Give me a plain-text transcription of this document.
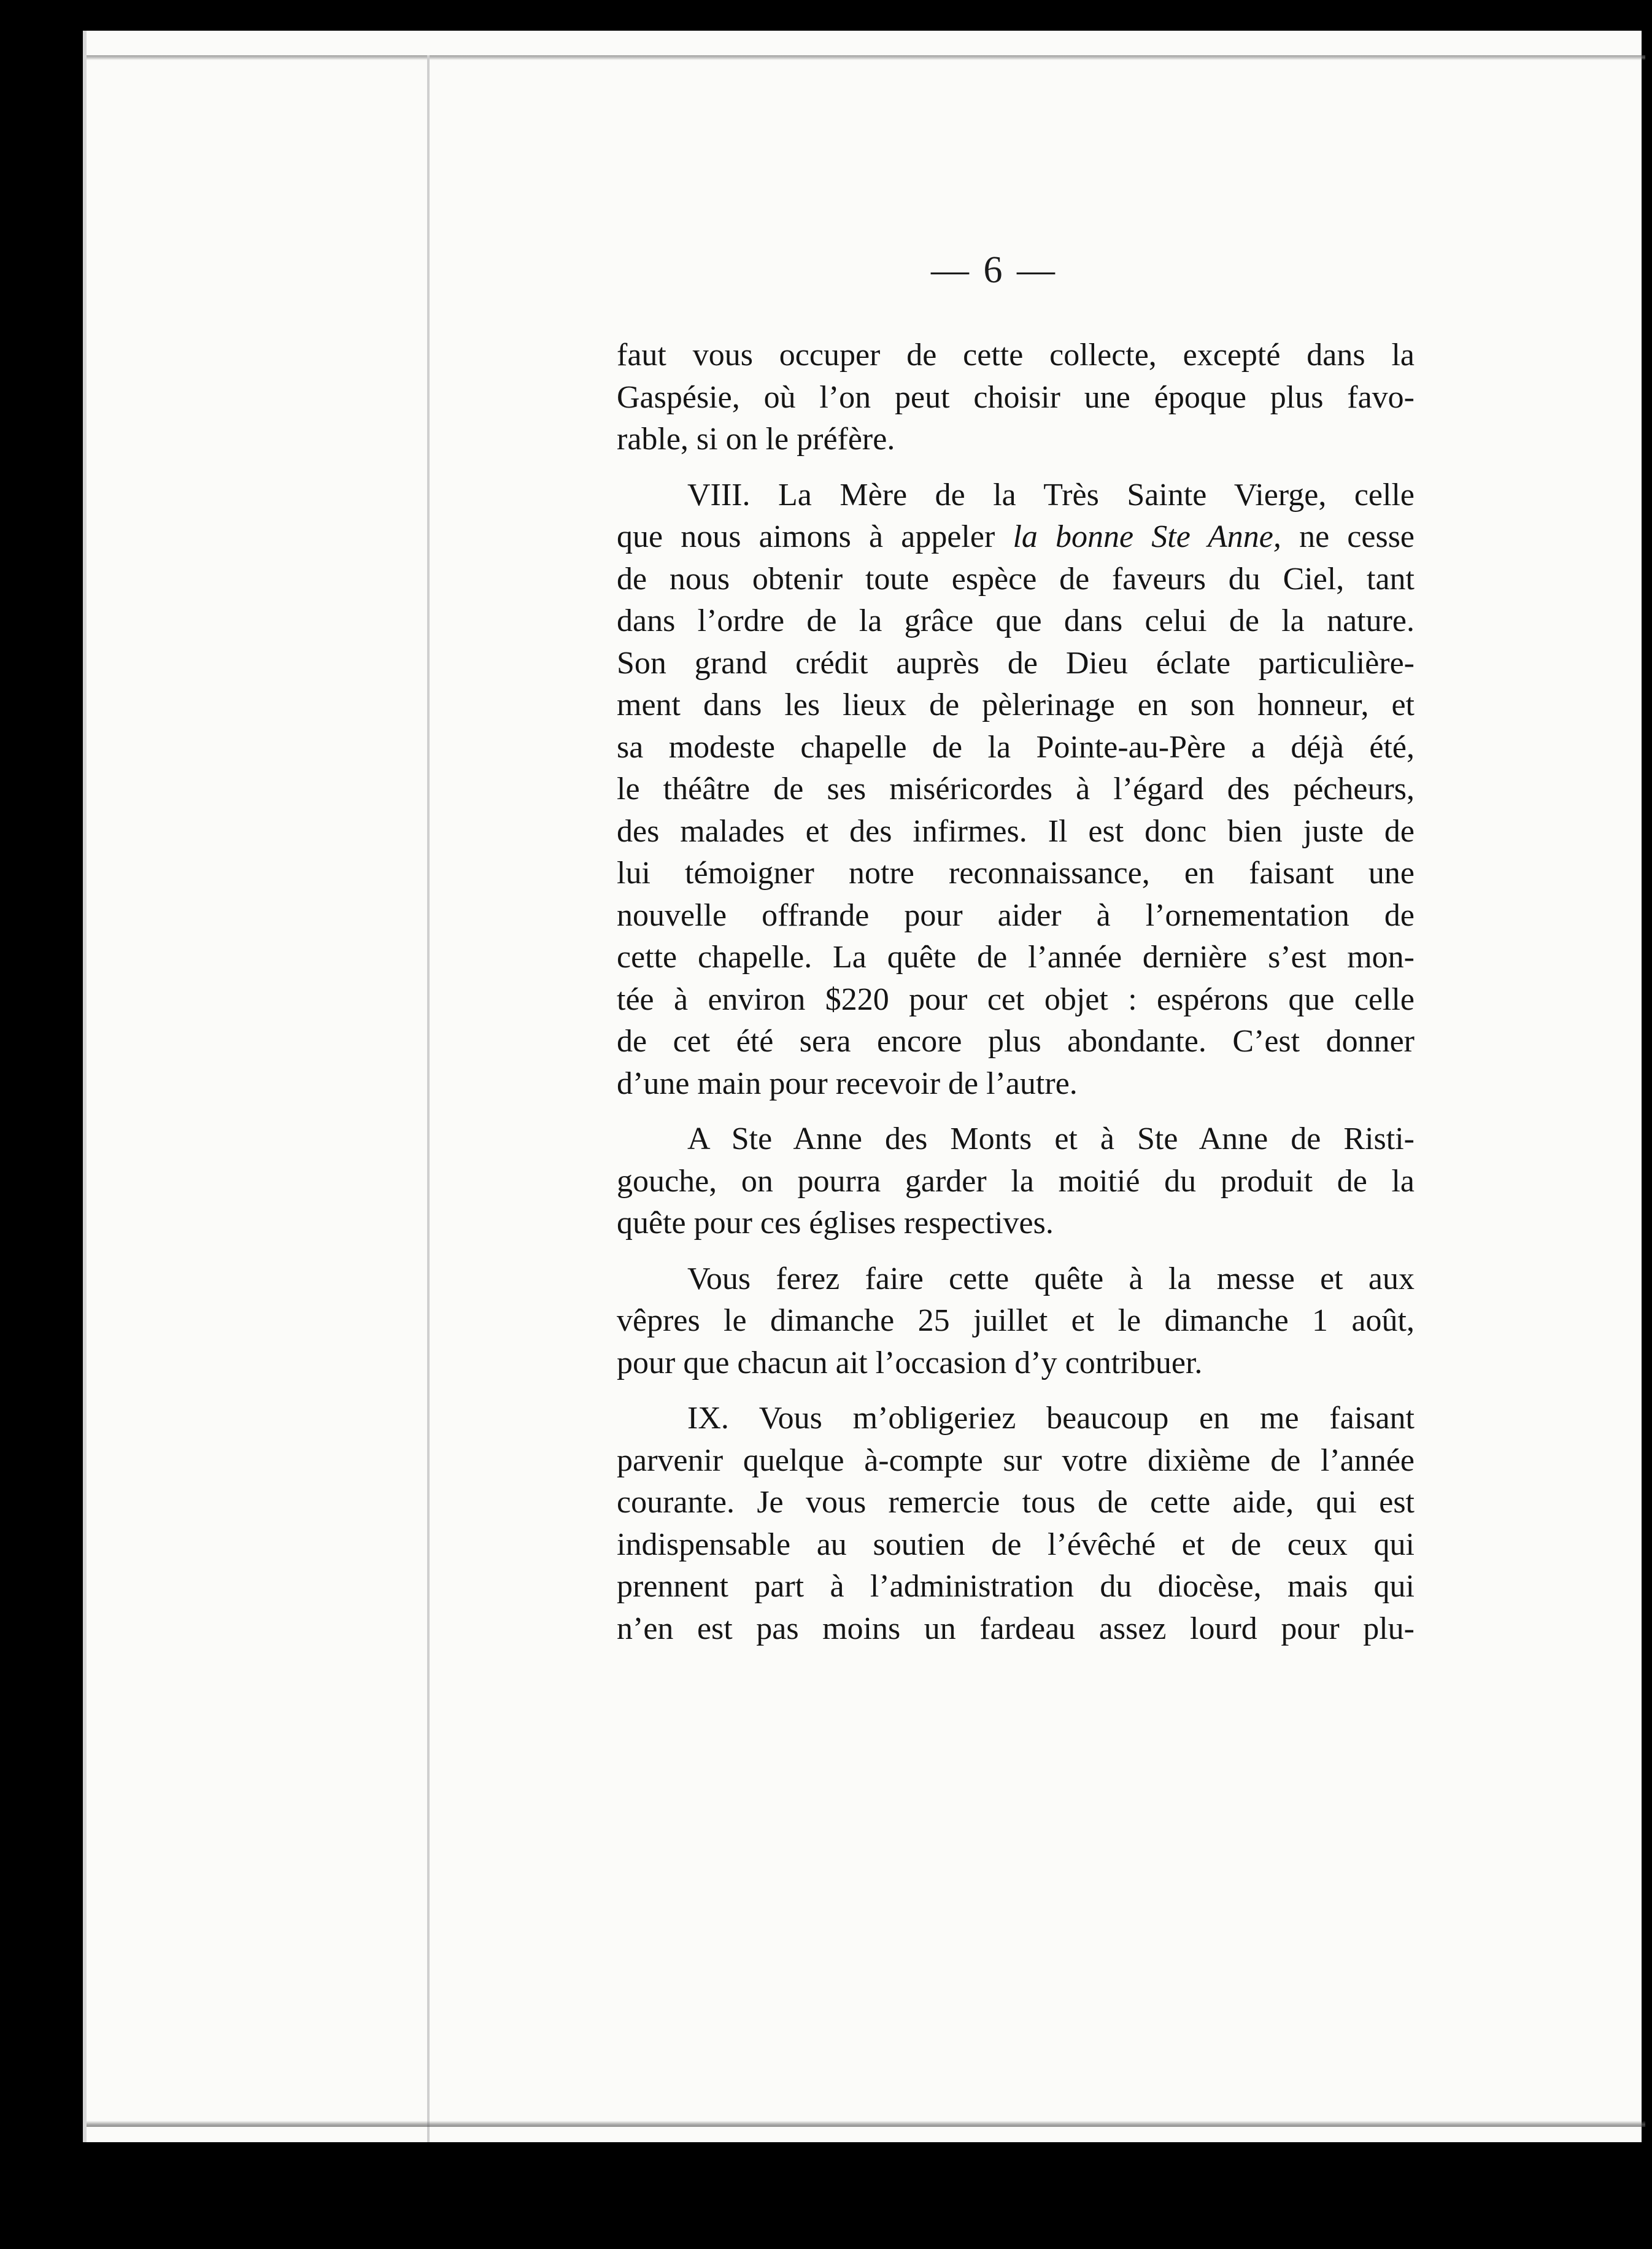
— 6 —
faut vous occuper de cette collecte, excepté dans la
Gaspésie, où l’on peut choisir une époque plus favo-
rable, si on le préfère.
VIII. La Mère de la Très Sainte Vierge, celle
que nous aimons à appeler la bonne Ste Anne, ne cesse
de nous obtenir toute espèce de faveurs du Ciel, tant
dans l’ordre de la grâce que dans celui de la nature.
Son grand crédit auprès de Dieu éclate particulière-
ment dans les lieux de pèlerinage en son honneur, et
sa modeste chapelle de la Pointe-au-Père a déjà été,
le théâtre de ses miséricordes à l’égard des pécheurs,
des malades et des infirmes. Il est donc bien juste de
lui témoigner notre reconnaissance, en faisant une
nouvelle offrande pour aider à l’ornementation de
cette chapelle. La quête de l’année dernière s’est mon-
tée à environ $220 pour cet objet : espérons que celle
de cet été sera encore plus abondante. C’est donner
d’une main pour recevoir de l’autre.
A Ste Anne des Monts et à Ste Anne de Risti-
gouche, on pourra garder la moitié du produit de la
quête pour ces églises respectives.
Vous ferez faire cette quête à la messe et aux
vêpres le dimanche 25 juillet et le dimanche 1 août,
pour que chacun ait l’occasion d’y contribuer.
IX. Vous m’obligeriez beaucoup en me faisant
parvenir quelque à-compte sur votre dixième de l’année
courante. Je vous remercie tous de cette aide, qui est
indispensable au soutien de l’évêché et de ceux qui
prennent part à l’administration du diocèse, mais qui
n’en est pas moins un fardeau assez lourd pour plu-
